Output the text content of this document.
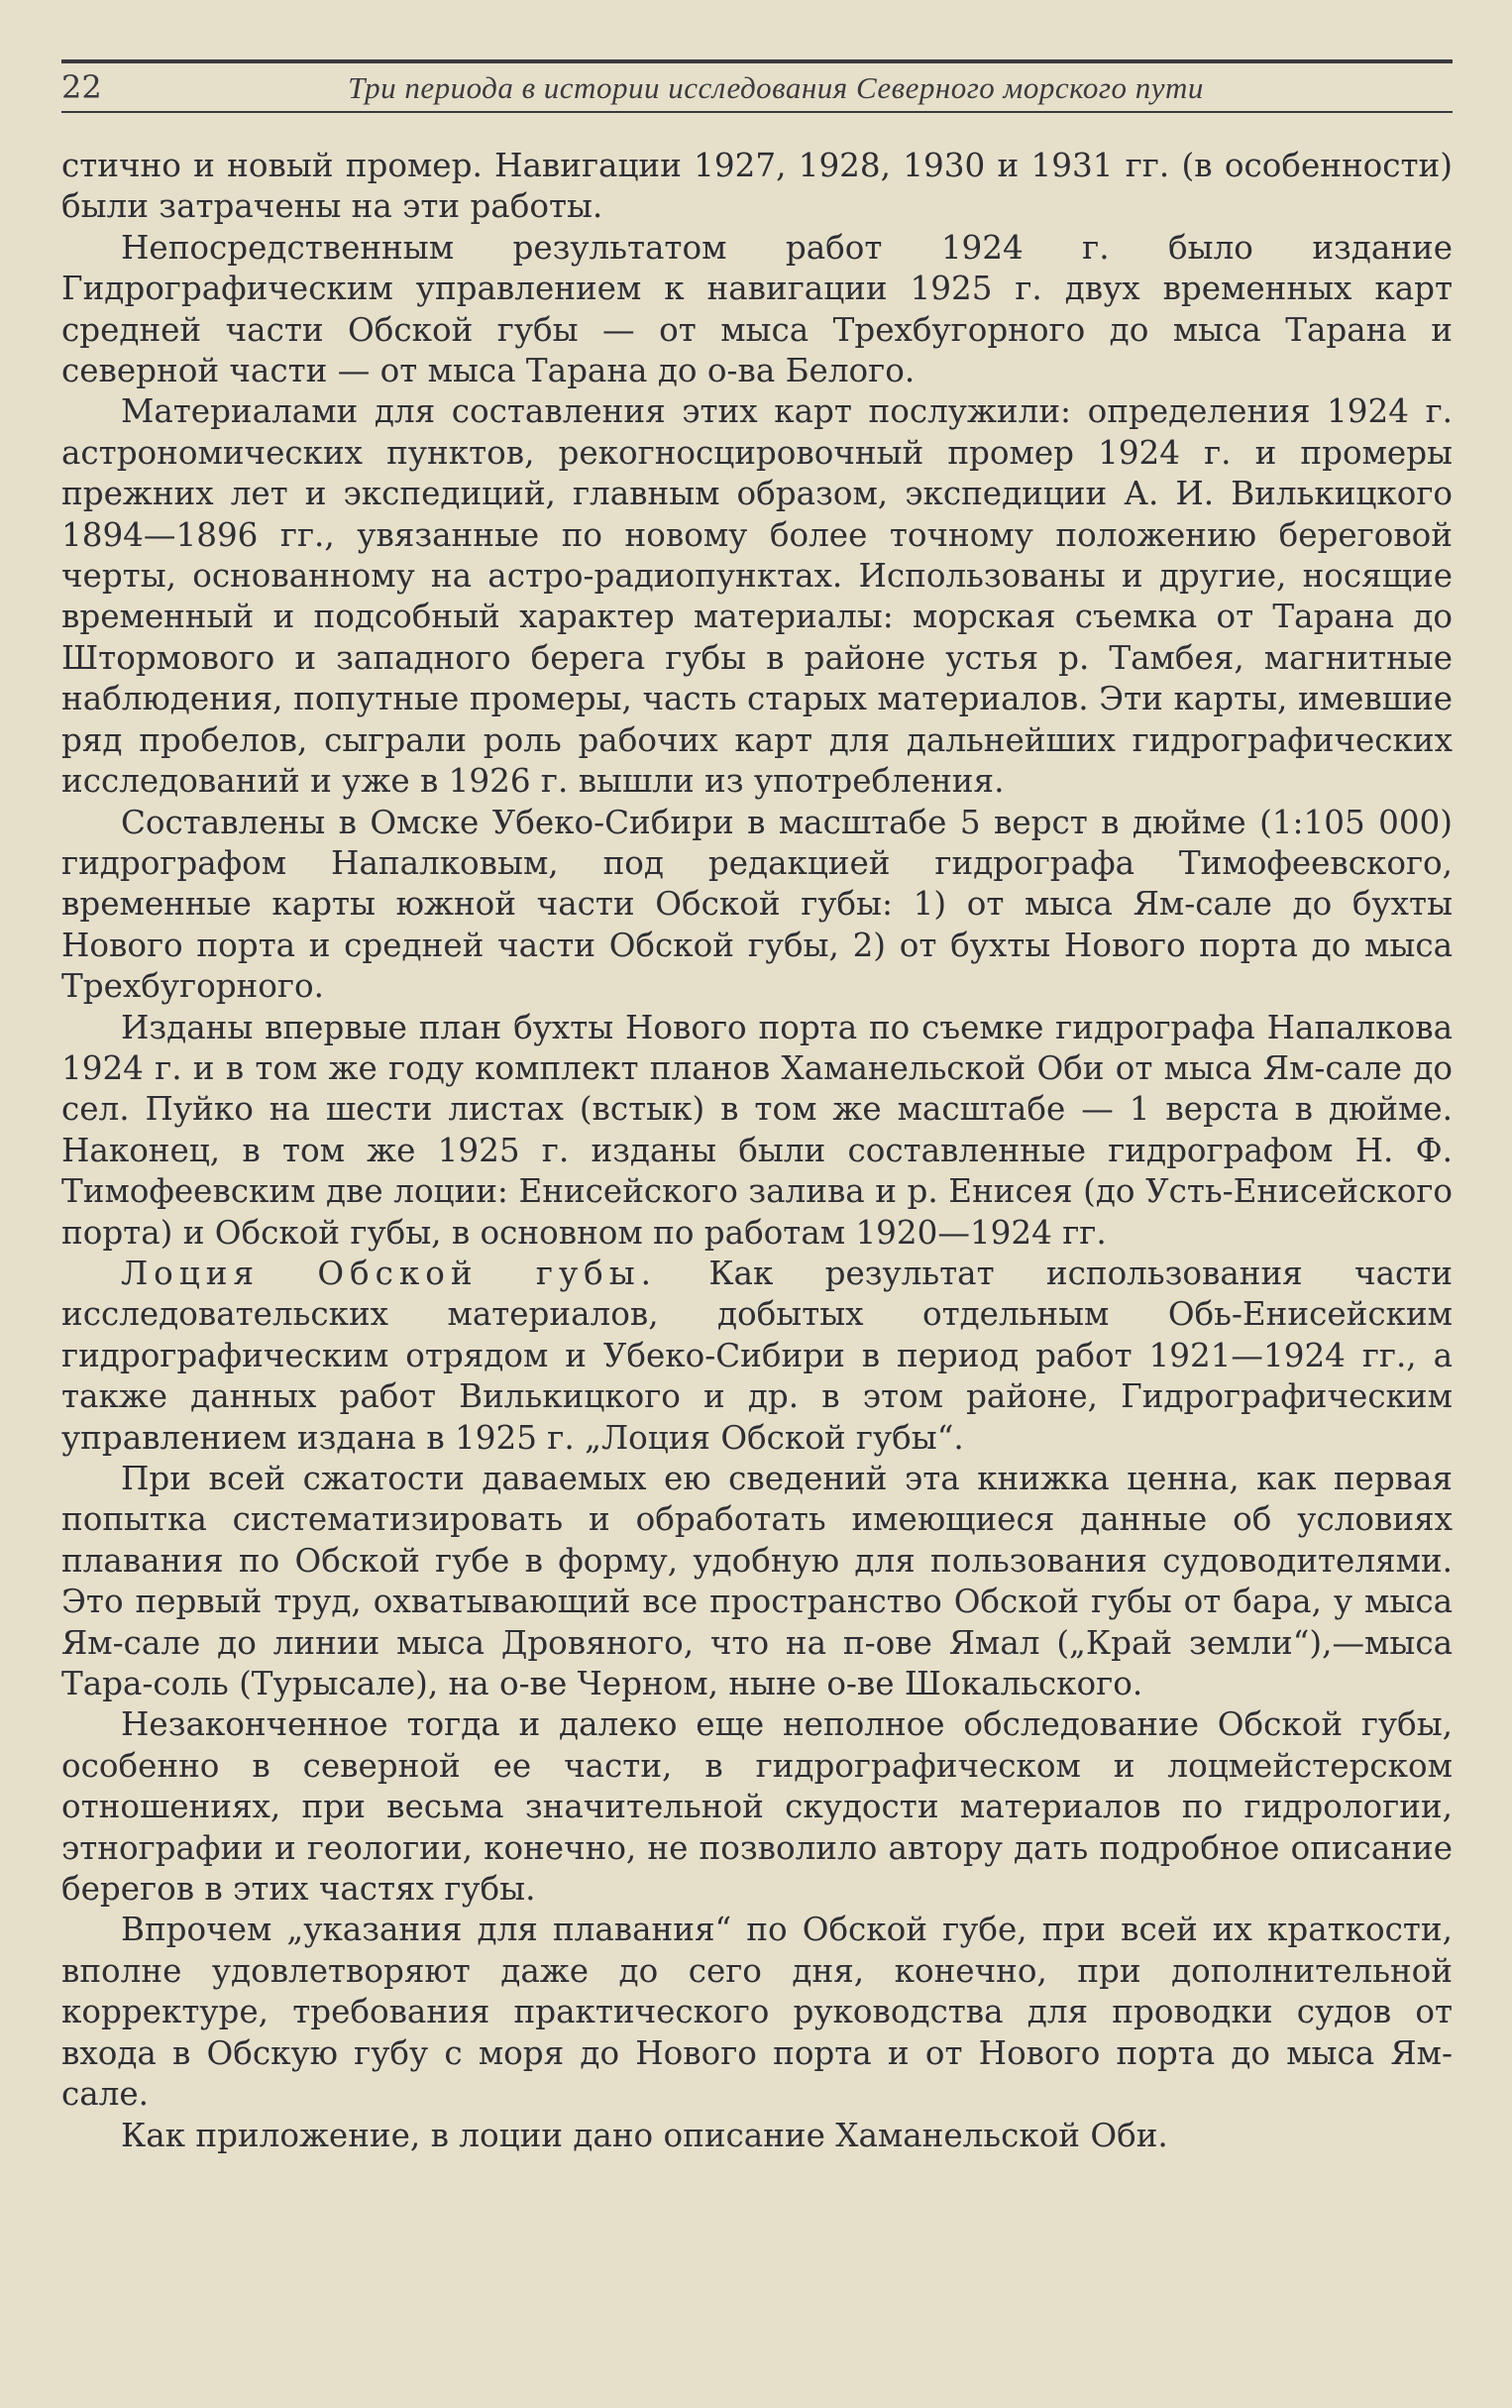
22	Три периода в истории исследования Северного морского пути

стично и новый промер. Навигации 1927, 1928, 1930 и 1931 гг. (в особенности) были затрачены на эти работы.

Непосредственным результатом работ 1924 г. было издание Гидрографическим управлением к навигации 1925 г. двух временных карт средней части Обской губы — от мыса Трехбугорного до мыса Тарана и северной части — от мыса Тарана до о-ва Белого.

Материалами для составления этих карт послужили: определения 1924 г. астрономических пунктов, рекогносцировочный промер 1924 г. и промеры прежних лет и экспедиций, главным образом, экспедиции А. И. Вилькицкого 1894—1896 гг., увязанные по новому более точному положению береговой черты, основанному на астро-радиопунктах. Использованы и другие, носящие временный и подсобный характер материалы: морская съемка от Тарана до Штормового и западного берега губы в районе устья р. Тамбея, магнитные наблюдения, попутные промеры, часть старых материалов. Эти карты, имевшие ряд пробелов, сыграли роль рабочих карт для дальнейших гидрографических исследований и уже в 1926 г. вышли из употребления.

Составлены в Омске Убеко-Сибири в масштабе 5 верст в дюйме (1:105 000) гидрографом Напалковым, под редакцией гидрографа Тимофеевского, временные карты южной части Обской губы: 1) от мыса Ям-сале до бухты Нового порта и средней части Обской губы, 2) от бухты Нового порта до мыса Трехбугорного.

Изданы впервые план бухты Нового порта по съемке гидрографа Напалкова 1924 г. и в том же году комплект планов Хаманельской Оби от мыса Ям-сале до сел. Пуйко на шести листах (встык) в том же масштабе — 1 верста в дюйме. Наконец, в том же 1925 г. изданы были составленные гидрографом Н. Ф. Тимофеевским две лоции: Енисейского залива и р. Енисея (до Усть-Енисейского порта) и Обской губы, в основном по работам 1920—1924 гг.

Лоция Обской губы. Как результат использования части исследовательских материалов, добытых отдельным Обь-Енисейским гидрографическим отрядом и Убеко-Сибири в период работ 1921—1924 гг., а также данных работ Вилькицкого и др. в этом районе, Гидрографическим управлением издана в 1925 г. „Лоция Обской губы“.

При всей сжатости даваемых ею сведений эта книжка ценна, как первая попытка систематизировать и обработать имеющиеся данные об условиях плавания по Обской губе в форму, удобную для пользования судоводителями. Это первый труд, охватывающий все пространство Обской губы от бара, у мыса Ям-сале до линии мыса Дровяного, что на п-ове Ямал („Край земли“),—мыса Тара-соль (Турысале), на о-ве Черном, ныне о-ве Шокальского.

Незаконченное тогда и далеко еще неполное обследование Обской губы, особенно в северной ее части, в гидрографическом и лоцмейстерском отношениях, при весьма значительной скудости материалов по гидрологии, этнографии и геологии, конечно, не позволило автору дать подробное описание берегов в этих частях губы.

Впрочем „указания для плавания“ по Обской губе, при всей их краткости, вполне удовлетворяют даже до сего дня, конечно, при дополнительной корректуре, требования практического руководства для проводки судов от входа в Обскую губу с моря до Нового порта и от Нового порта до мыса Ям-сале.

Как приложение, в лоции дано описание Хаманельской Оби.
